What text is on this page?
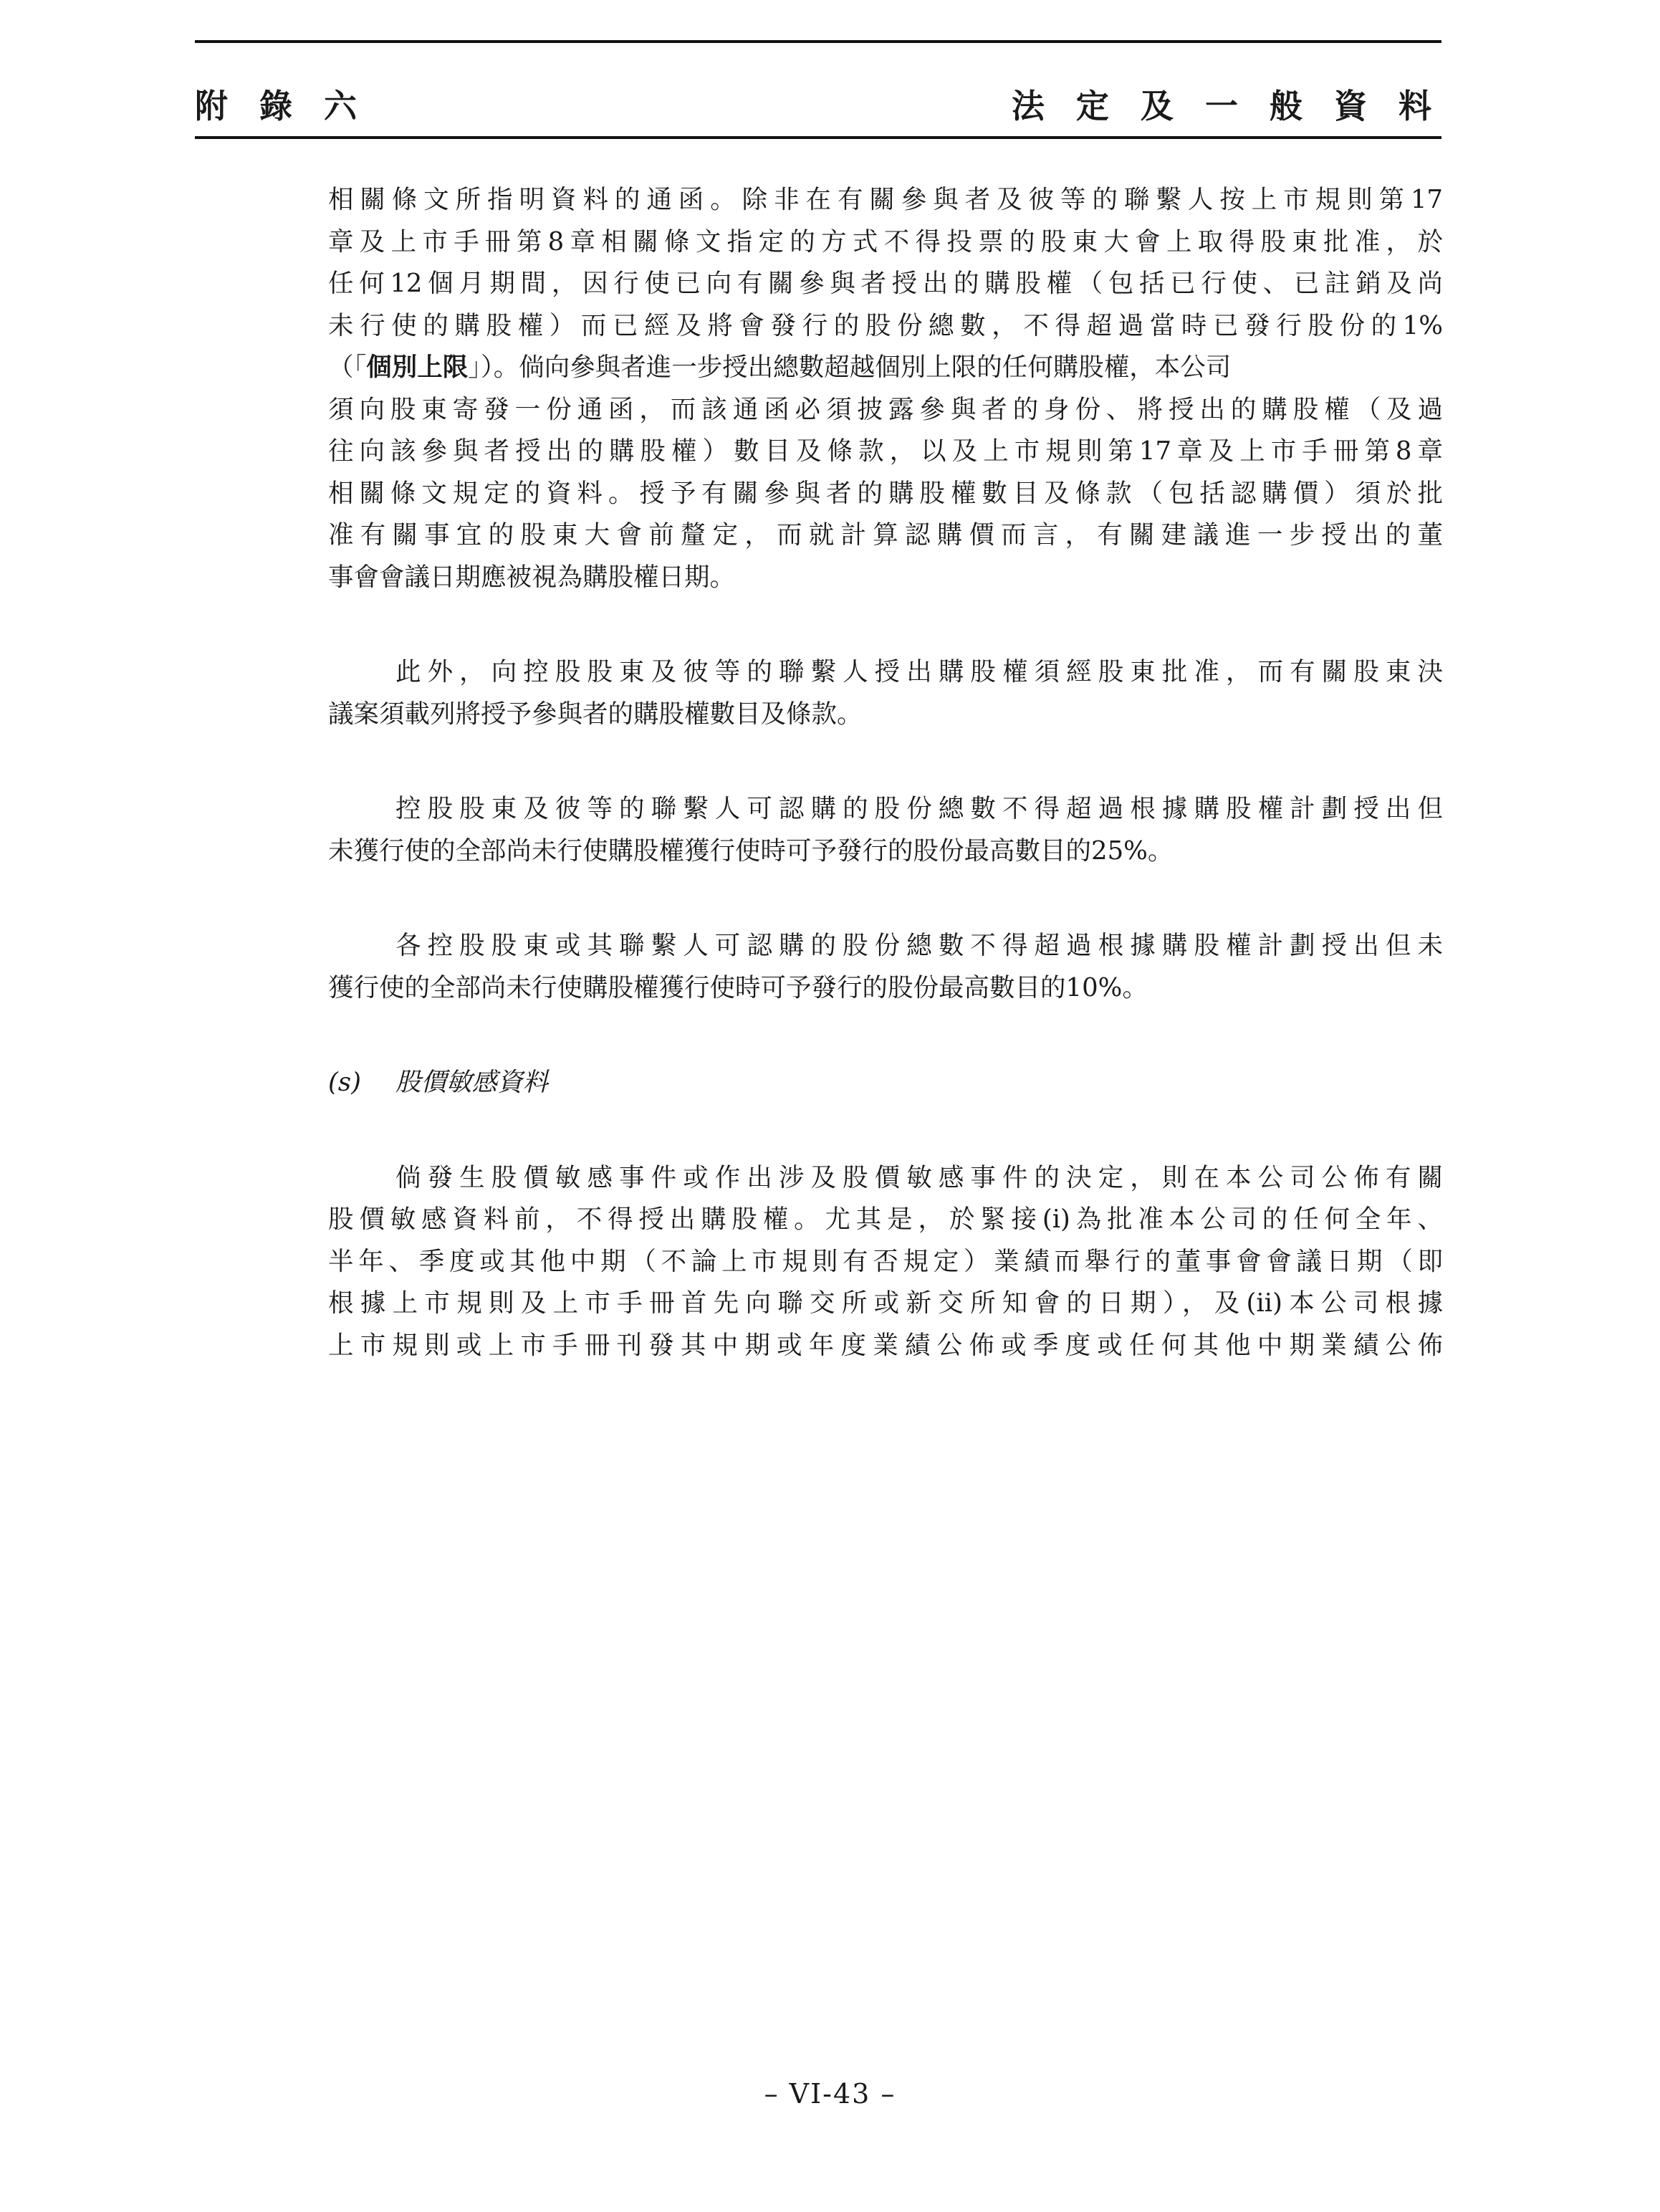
附 錄 六	法 定 及 一 般 資 料
相關條文所指明資料的通函。除非在有關參與者及彼等的聯繫人按上市規則第17
章及上市手冊第8章相關條文指定的方式不得投票的股東大會上取得股東批准，於
任何12個月期間，因行使已向有關參與者授出的購股權（包括已行使、已註銷及尚
未行使的購股權）而已經及將會發行的股份總數，不得超過當時已發行股份的1%
（「個別上限」）。倘向參與者進一步授出總數超越個別上限的任何購股權，本公司
須向股東寄發一份通函，而該通函必須披露參與者的身份、將授出的購股權（及過
往向該參與者授出的購股權）數目及條款，以及上市規則第17章及上市手冊第8章
相關條文規定的資料。授予有關參與者的購股權數目及條款（包括認購價）須於批
准有關事宜的股東大會前釐定，而就計算認購價而言，有關建議進一步授出的董
事會會議日期應被視為購股權日期。
此外，向控股股東及彼等的聯繫人授出購股權須經股東批准，而有關股東決
議案須載列將授予參與者的購股權數目及條款。
控股股東及彼等的聯繫人可認購的股份總數不得超過根據購股權計劃授出但
未獲行使的全部尚未行使購股權獲行使時可予發行的股份最高數目的25%。
各控股股東或其聯繫人可認購的股份總數不得超過根據購股權計劃授出但未
獲行使的全部尚未行使購股權獲行使時可予發行的股份最高數目的10%。
(s) 股價敏感資料
倘發生股價敏感事件或作出涉及股價敏感事件的決定，則在本公司公佈有關
股價敏感資料前，不得授出購股權。尤其是，於緊接(i)為批准本公司的任何全年、
半年、季度或其他中期（不論上市規則有否規定）業績而舉行的董事會會議日期（即
根據上市規則及上市手冊首先向聯交所或新交所知會的日期），及(ii)本公司根據
上市規則或上市手冊刊發其中期或年度業績公佈或季度或任何其他中期業績公佈
– VI-43 –
